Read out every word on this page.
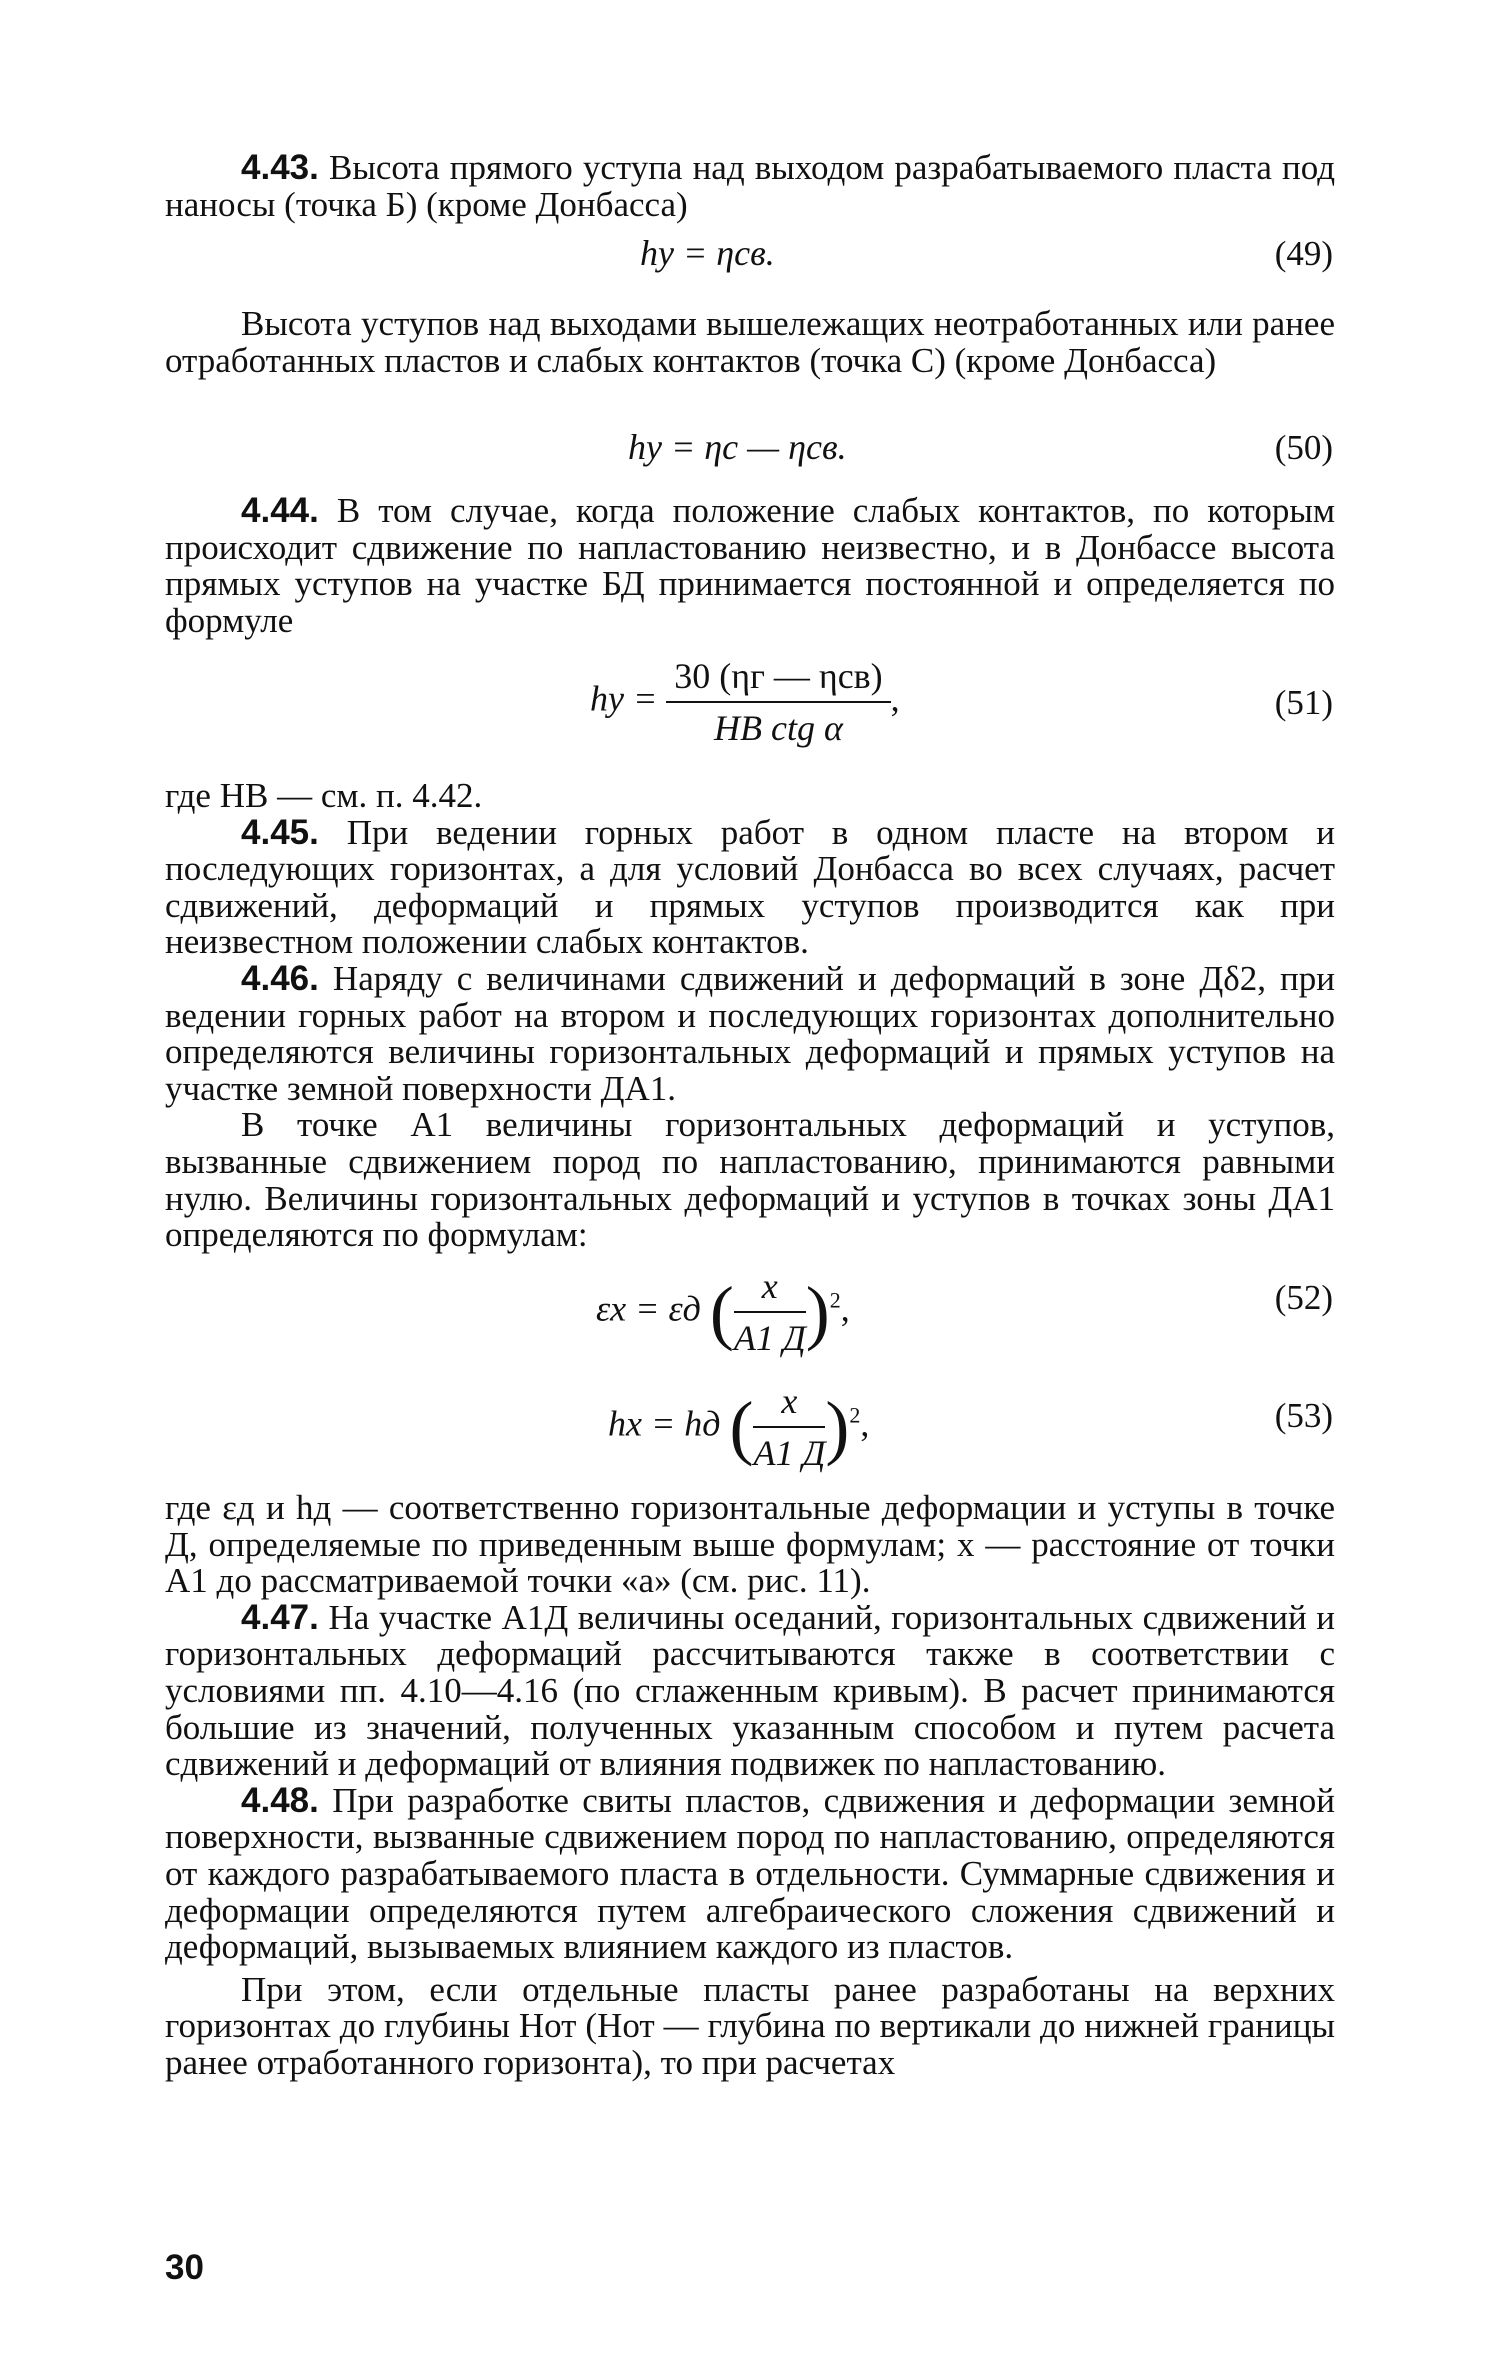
4.43. Высота прямого уступа над выходом разрабатываемого пласта под наносы (точка Б) (кроме Донбасса)

hу = ηсв.	(49)

Высота уступов над выходами вышележащих неотработанных или ранее отработанных пластов и слабых контактов (точка С) (кроме Донбасса)

hу = ηс — ηсв.	(50)

4.44. В том случае, когда положение слабых контактов, по которым происходит сдвижение по напластованию неизвестно, и в Донбассе высота прямых уступов на участке БД принимается постоянной и определяется по формуле

hу = $\frac{\text{30 (ηг — ηсв)}}{\text{HB ctg α}}$ ,	(51)

где HB — см. п. 4.42.

4.45. При ведении горных работ в одном пласте на втором и последующих горизонтах, а для условий Донбасса во всех случаях, расчет сдвижений, деформаций и прямых уступов производится как при неизвестном положении слабых контактов.

4.46. Наряду с величинами сдвижений и деформаций в зоне Дδ2, при ведении горных работ на втором и последующих горизонтах дополнительно определяются величины горизонтальных деформаций и прямых уступов на участке земной поверхности ДА1.

В точке А1 величины горизонтальных деформаций и уступов, вызванные сдвижением пород по напластованию, принимаются равными нулю. Величины горизонтальных деформаций и уступов в точках зоны ДА1 определяются по формулам:

εx = εд ( $\frac{x}{A1 Д} )^2$,	(52)
hx = hд ( $\frac{x}{A1 Д} )^2$,	(53)

где εд и hд — соответственно горизонтальные деформации и уступы в точке Д, определяемые по приведенным выше формулам; x — расстояние от точки А1 до рассматриваемой точки «а» (см. рис. 11).

4.47. На участке А1Д величины оседаний, горизонтальных сдвижений и горизонтальных деформаций рассчитываются также в соответствии с условиями пп. 4.10—4.16 (по сглаженным кривым). В расчет принимаются большие из значений, полученных указанным способом и путем расчета сдвижений и деформаций от влияния подвижек по напластованию.

4.48. При разработке свиты пластов, сдвижения и деформации земной поверхности, вызванные сдвижением пород по напластованию, определяются от каждого разрабатываемого пласта в отдельности. Суммарные сдвижения и деформации определяются путем алгебраического сложения сдвижений и деформаций, вызываемых влиянием каждого из пластов.

При этом, если отдельные пласты ранее разработаны на верхних горизонтах до глубины Hот (Hот — глубина по вертикали до нижней границы ранее отработанного горизонта), то при расчетах

30
